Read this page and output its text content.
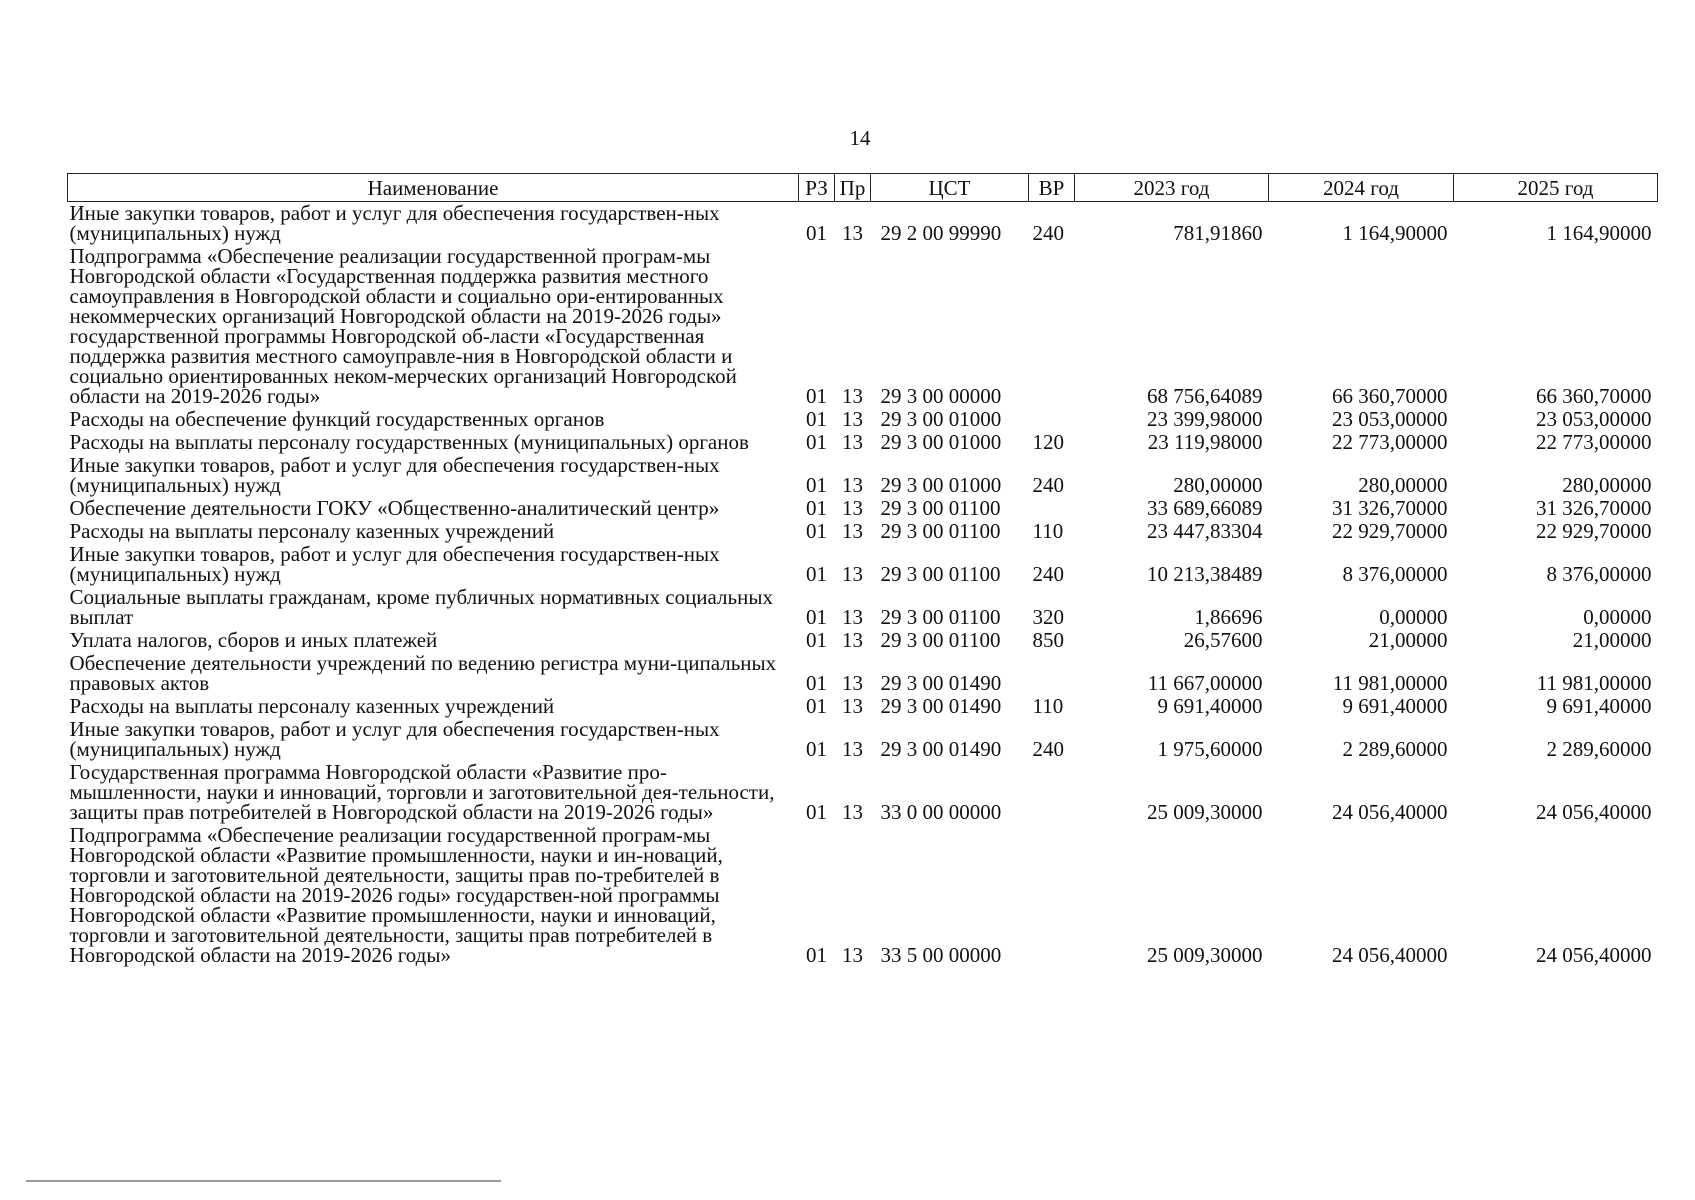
14
Наименование	РЗ	Пр	ЦСТ	ВР	2023 год	2024 год	2025 год
Иные закупки товаров, работ и услуг для обеспечения государствен-ных (муниципальных) нужд	01	13	29 2 00 99990	240	781,91860	1 164,90000	1 164,90000
Подпрограмма «Обеспечение реализации государственной програм-мы Новгородской области «Государственная поддержка развития местного самоуправления в Новгородской области и социально ори-ентированных некоммерческих организаций Новгородской области на 2019-2026 годы» государственной программы Новгородской об-ласти «Государственная поддержка развития местного самоуправле-ния в Новгородской области и социально ориентированных неком-мерческих организаций Новгородской области на 2019-2026 годы»	01	13	29 3 00 00000		68 756,64089	66 360,70000	66 360,70000
Расходы на обеспечение функций государственных органов	01	13	29 3 00 01000		23 399,98000	23 053,00000	23 053,00000
Расходы на выплаты персоналу государственных (муниципальных) органов	01	13	29 3 00 01000	120	23 119,98000	22 773,00000	22 773,00000
Иные закупки товаров, работ и услуг для обеспечения государствен-ных (муниципальных) нужд	01	13	29 3 00 01000	240	280,00000	280,00000	280,00000
Обеспечение деятельности ГОКУ «Общественно-аналитический центр»	01	13	29 3 00 01100		33 689,66089	31 326,70000	31 326,70000
Расходы на выплаты персоналу казенных учреждений	01	13	29 3 00 01100	110	23 447,83304	22 929,70000	22 929,70000
Иные закупки товаров, работ и услуг для обеспечения государствен-ных (муниципальных) нужд	01	13	29 3 00 01100	240	10 213,38489	8 376,00000	8 376,00000
Социальные выплаты гражданам, кроме публичных нормативных социальных выплат	01	13	29 3 00 01100	320	1,86696	0,00000	0,00000
Уплата налогов, сборов и иных платежей	01	13	29 3 00 01100	850	26,57600	21,00000	21,00000
Обеспечение деятельности учреждений по ведению регистра муни-ципальных правовых актов	01	13	29 3 00 01490		11 667,00000	11 981,00000	11 981,00000
Расходы на выплаты персоналу казенных учреждений	01	13	29 3 00 01490	110	9 691,40000	9 691,40000	9 691,40000
Иные закупки товаров, работ и услуг для обеспечения государствен-ных (муниципальных) нужд	01	13	29 3 00 01490	240	1 975,60000	2 289,60000	2 289,60000
Государственная программа Новгородской области «Развитие про-мышленности, науки и инноваций, торговли и заготовительной дея-тельности, защиты прав потребителей в Новгородской области на 2019-2026 годы»	01	13	33 0 00 00000		25 009,30000	24 056,40000	24 056,40000
Подпрограмма «Обеспечение реализации государственной програм-мы Новгородской области «Развитие промышленности, науки и ин-новаций, торговли и заготовительной деятельности, защиты прав по-требителей в Новгородской области на 2019-2026 годы» государствен-ной программы Новгородской области «Развитие промышленности, науки и инноваций, торговли и заготовительной деятельности, защиты прав потребителей в Новгородской области на 2019-2026 годы»	01	13	33 5 00 00000		25 009,30000	24 056,40000	24 056,40000
